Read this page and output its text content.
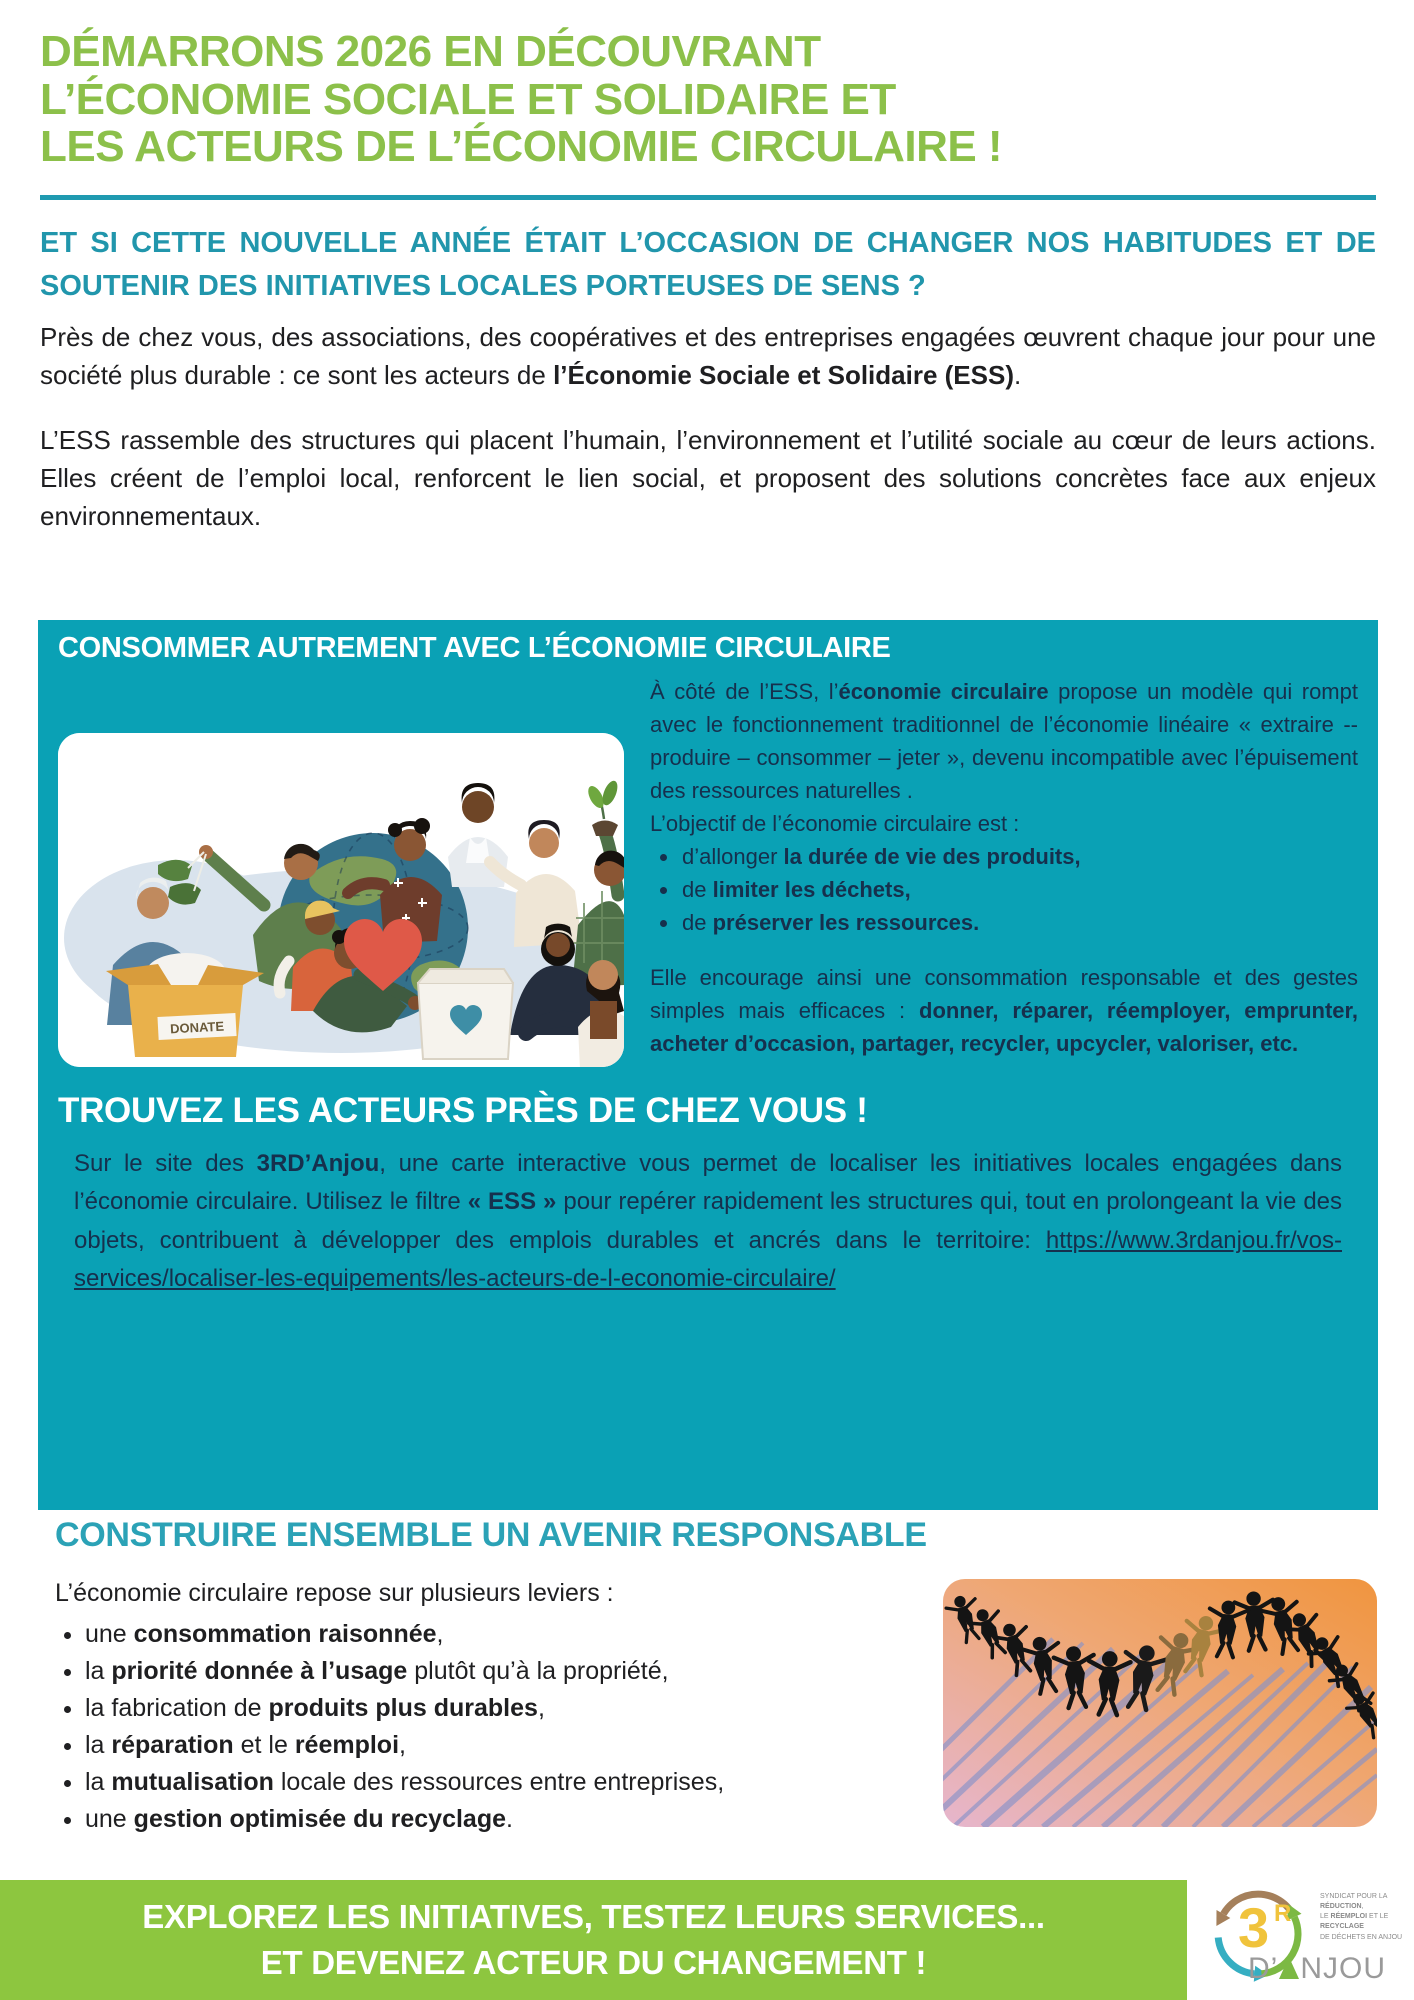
DÉMARRONS 2026 EN DÉCOUVRANT
L’ÉCONOMIE SOCIALE ET SOLIDAIRE ET
LES ACTEURS DE L’ÉCONOMIE CIRCULAIRE !
ET SI CETTE NOUVELLE ANNÉE ÉTAIT L’OCCASION DE CHANGER NOS HABITUDES ET DE SOUTENIR DES INITIATIVES LOCALES PORTEUSES DE SENS ?

Près de chez vous, des associations, des coopératives et des entreprises engagées œuvrent chaque jour pour une société plus durable : ce sont les acteurs de l’Économie Sociale et Solidaire (ESS).

L’ESS rassemble des structures qui placent l’humain, l’environnement et l’utilité sociale au cœur de leurs actions. Elles créent de l’emploi local, renforcent le lien social, et proposent des solutions concrètes face aux enjeux environnementaux.

CONSOMMER AUTREMENT AVEC L’ÉCONOMIE CIRCULAIRE
DONATE

À côté de l’ESS, l’économie circulaire propose un modèle qui rompt avec le fonctionnement traditionnel de l’économie linéaire « extraire -- produire – consommer – jeter », devenu incompatible avec l’épuisement des ressources naturelles .

L’objectif de l’économie circulaire est :

• d’allonger la durée de vie des produits,
• de limiter les déchets,
• de préserver les ressources.

Elle encourage ainsi une consommation responsable et des gestes simples mais efficaces : donner, réparer, réemployer, emprunter, acheter d’occasion, partager, recycler, upcycler, valoriser, etc.

TROUVEZ LES ACTEURS PRÈS DE CHEZ VOUS !

Sur le site des 3RD’Anjou, une carte interactive vous permet de localiser les initiatives locales engagées dans l’économie circulaire. Utilisez le filtre « ESS » pour repérer rapidement les structures qui, tout en prolongeant la vie des objets, contribuent à développer des emplois durables et ancrés dans le territoire: https://www.3rdanjou.fr/vos-services/localiser-les-equipements/les-acteurs-de-l-economie-circulaire/

CONSTRUIRE ENSEMBLE UN AVENIR RESPONSABLE

L’économie circulaire repose sur plusieurs leviers :

• une consommation raisonnée,
• la priorité donnée à l’usage plutôt qu’à la propriété,
• la fabrication de produits plus durables,
• la réparation et le réemploi,
• la mutualisation locale des ressources entre entreprises,
• une gestion optimisée du recyclage.
EXPLOREZ LES INITIATIVES, TESTEZ LEURS SERVICES...
ET DEVENEZ ACTEUR DU CHANGEMENT !
3 R
D’ NJOU

SYNDICAT POUR LA RÉDUCTION,

LE RÉEMPLOI ET LE RECYCLAGE

DE DÉCHETS EN ANJOU
